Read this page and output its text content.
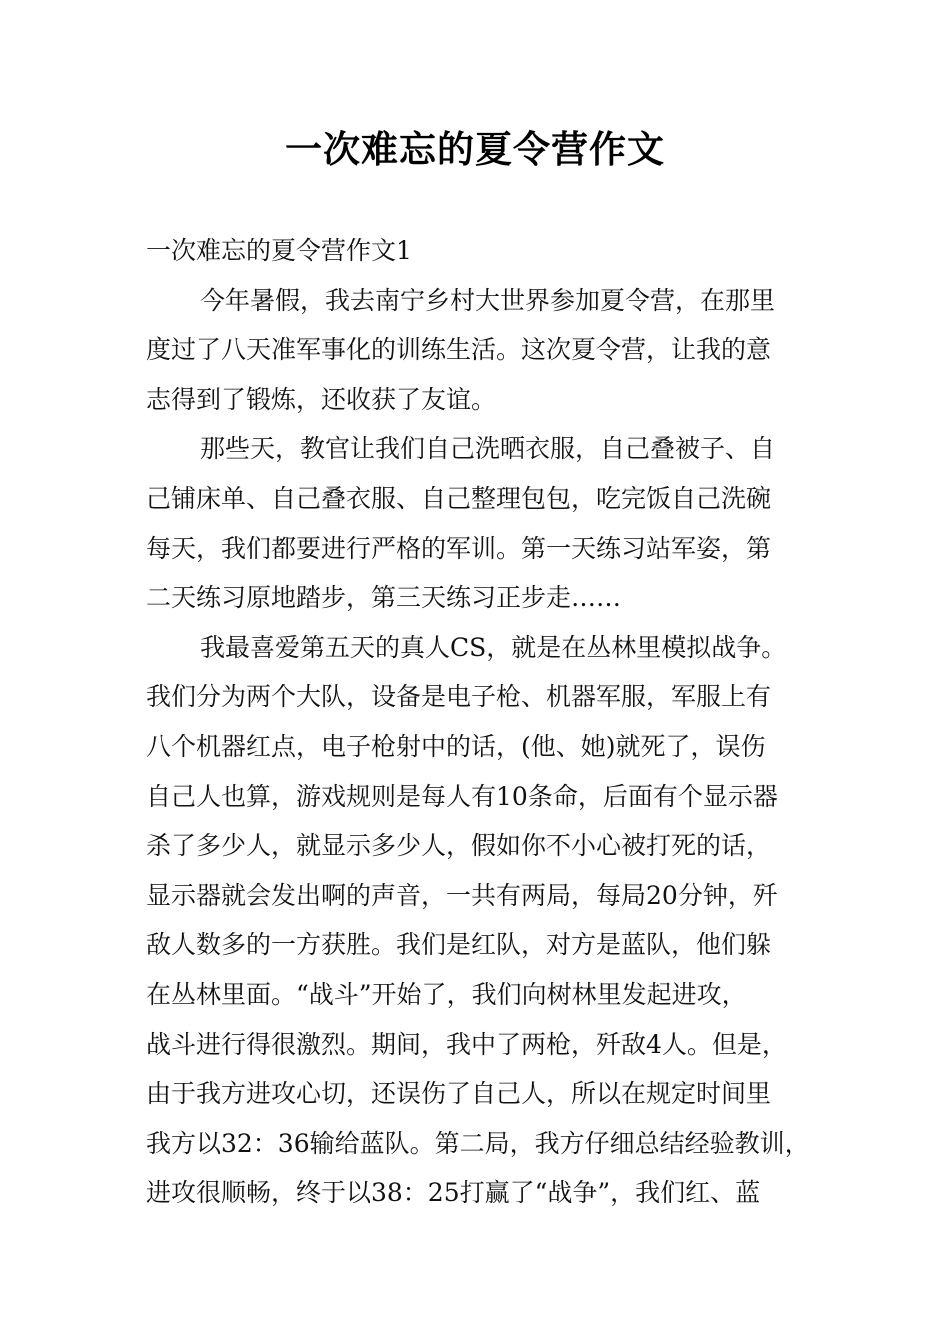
一次难忘的夏令营作文
一次难忘的夏令营作文1
今年暑假，我去南宁乡村大世界参加夏令营，在那里
度过了八天准军事化的训练生活。这次夏令营，让我的意
志得到了锻炼，还收获了友谊。
那些天，教官让我们自己洗晒衣服，自己叠被子、自
己铺床单、自己叠衣服、自己整理包包，吃完饭自己洗碗
每天，我们都要进行严格的军训。第一天练习站军姿，第
二天练习原地踏步，第三天练习正步走……
我最喜爱第五天的真人CS，就是在丛林里模拟战争。
我们分为两个大队，设备是电子枪、机器军服，军服上有
八个机器红点，电子枪射中的话，(他、她)就死了，误伤
自己人也算，游戏规则是每人有10条命，后面有个显示器
杀了多少人，就显示多少人，假如你不小心被打死的话，
显示器就会发出啊的声音，一共有两局，每局20分钟，歼
敌人数多的一方获胜。我们是红队，对方是蓝队，他们躲
在丛林里面。“战斗”开始了，我们向树林里发起进攻，
战斗进行得很激烈。期间，我中了两枪，歼敌4人。但是，
由于我方进攻心切，还误伤了自己人，所以在规定时间里
我方以32：36输给蓝队。第二局，我方仔细总结经验教训，
进攻很顺畅，终于以38：25打赢了“战争”，我们红、蓝
